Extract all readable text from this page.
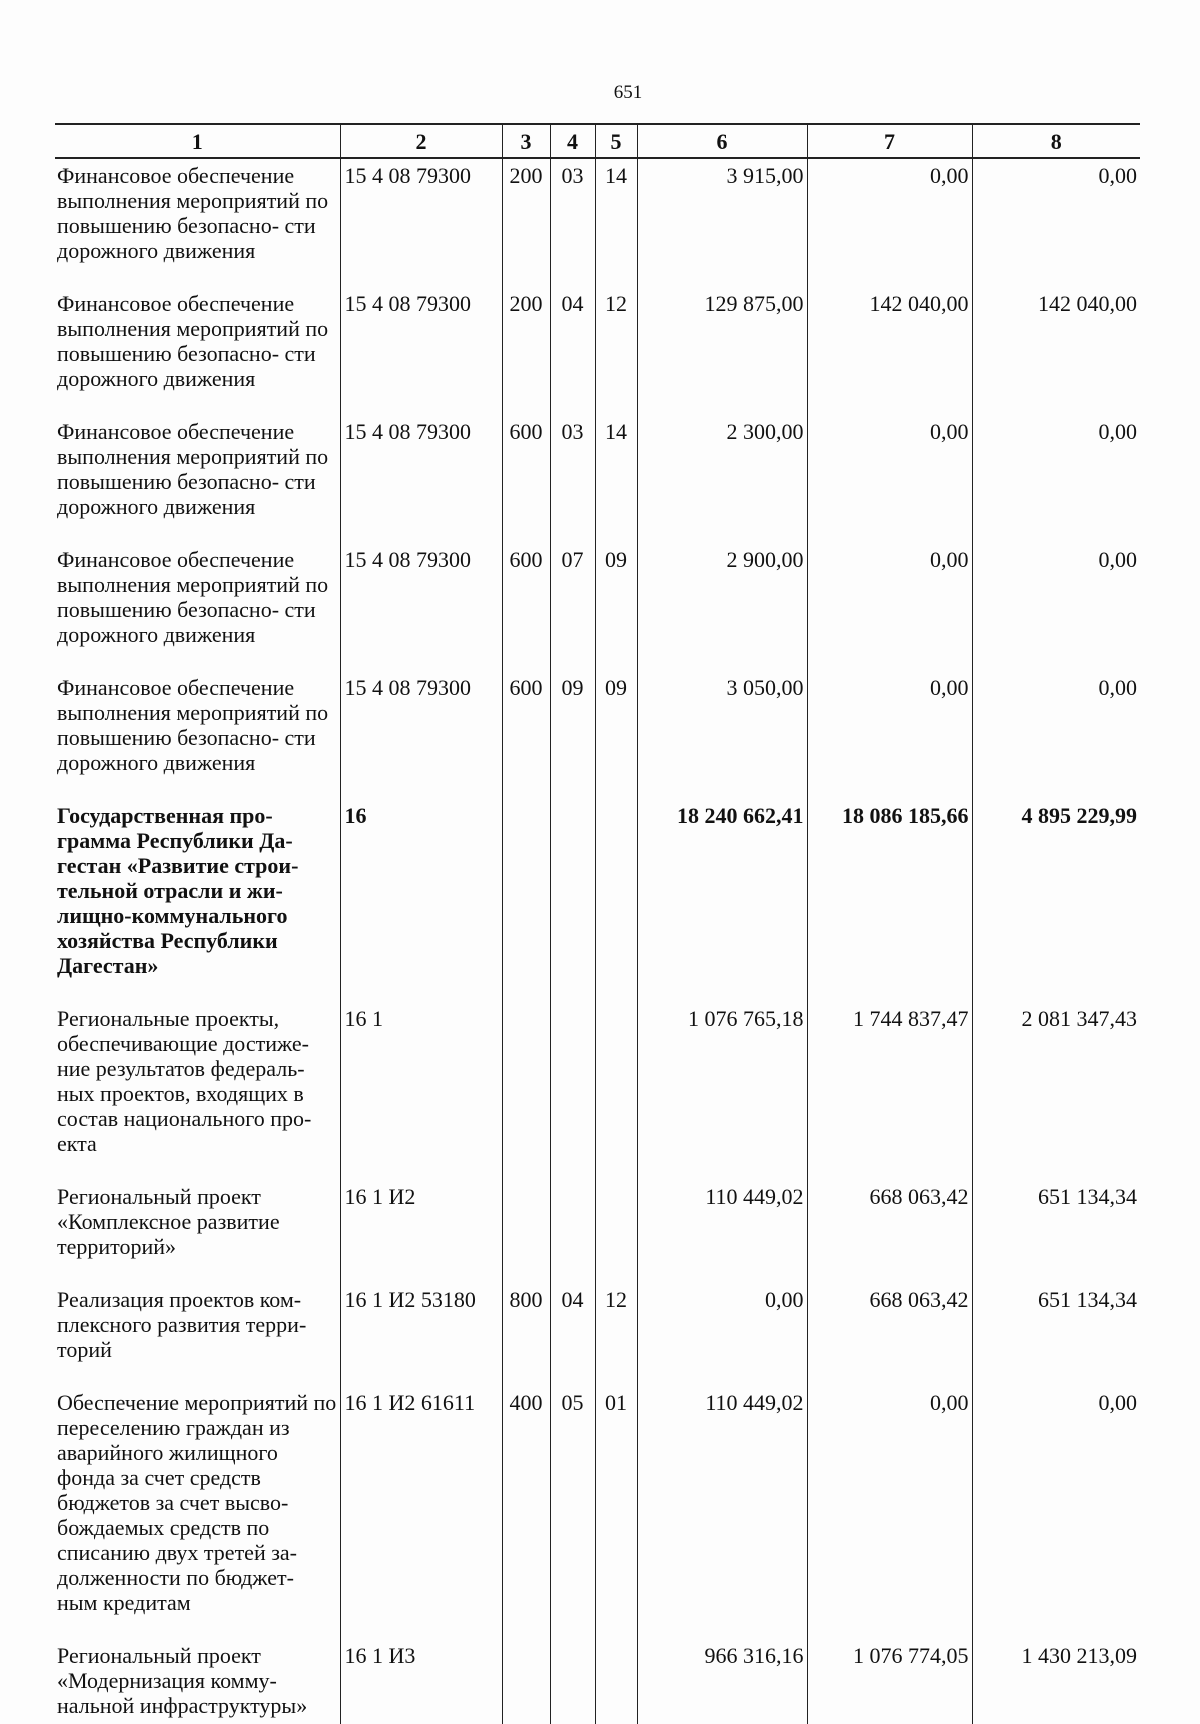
651
1	2	3	4	5	6	7	8
Финансовое обеспечение выполнения мероприятий по повышению безопасно- сти дорожного движения	15 4 08 79300	200	03	14	3 915,00	0,00	0,00
Финансовое обеспечение выполнения мероприятий по повышению безопасно- сти дорожного движения	15 4 08 79300	200	04	12	129 875,00	142 040,00	142 040,00
Финансовое обеспечение выполнения мероприятий по повышению безопасно- сти дорожного движения	15 4 08 79300	600	03	14	2 300,00	0,00	0,00
Финансовое обеспечение выполнения мероприятий по повышению безопасно- сти дорожного движения	15 4 08 79300	600	07	09	2 900,00	0,00	0,00
Финансовое обеспечение выполнения мероприятий по повышению безопасно- сти дорожного движения	15 4 08 79300	600	09	09	3 050,00	0,00	0,00
Государственная про- грамма Республики Да- гестан «Развитие строи- тельной отрасли и жи- лищно-коммунального хозяйства Республики Дагестан»	16				18 240 662,41	18 086 185,66	4 895 229,99
Региональные проекты, обеспечивающие достиже- ние результатов федераль- ных проектов, входящих в состав национального про- екта	16 1				1 076 765,18	1 744 837,47	2 081 347,43
Региональный проект «Комплексное развитие территорий»	16 1 И2				110 449,02	668 063,42	651 134,34
Реализация проектов ком- плексного развития терри- торий	16 1 И2 53180	800	04	12	0,00	668 063,42	651 134,34
Обеспечение мероприятий по переселению граждан из аварийного жилищного фонда за счет средств бюджетов за счет высво- бождаемых средств по списанию двух третей за- долженности по бюджет- ным кредитам	16 1 И2 61611	400	05	01	110 449,02	0,00	0,00
Региональный проект «Модернизация комму- нальной инфраструктуры»	16 1 И3				966 316,16	1 076 774,05	1 430 213,09
